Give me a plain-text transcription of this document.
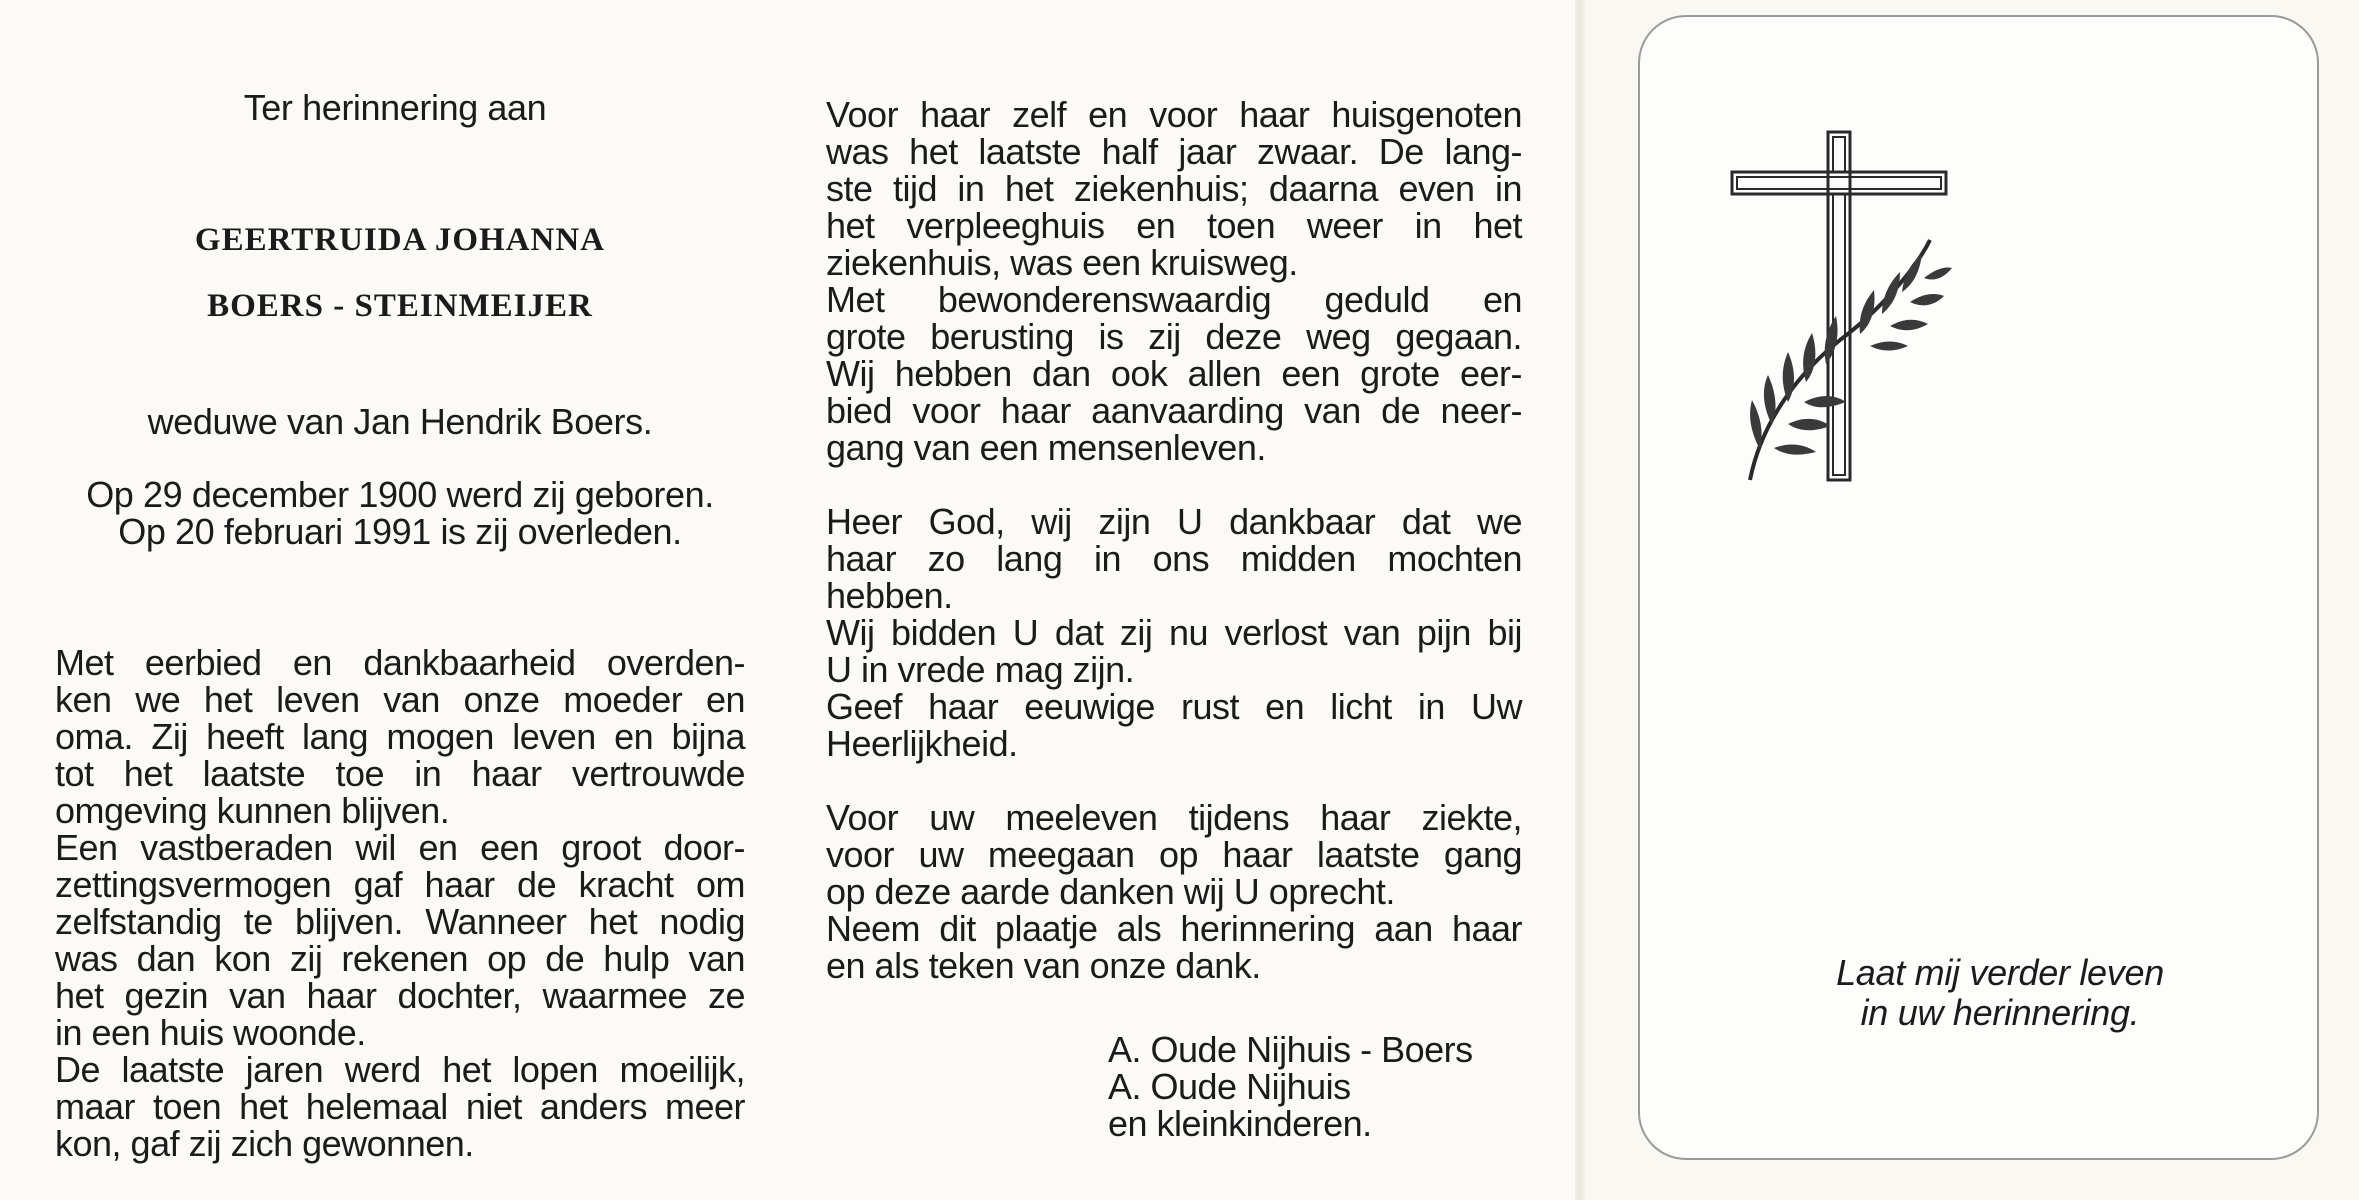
Ter herinnering aan

GEERTRUIDA JOHANNA

BOERS - STEINMEIJER

weduwe van Jan Hendrik Boers.

Op 29 december 1900 werd zij geboren.

Op 20 februari 1991 is zij overleden.

Met eerbied en dankbaarheid overden-
ken we het leven van onze moeder en
oma. Zij heeft lang mogen leven en bijna
tot het laatste toe in haar vertrouwde
omgeving kunnen blijven.

Een vastberaden wil en een groot door-
zettingsvermogen gaf haar de kracht om
zelfstandig te blijven. Wanneer het nodig
was dan kon zij rekenen op de hulp van
het gezin van haar dochter, waarmee ze
in een huis woonde.

De laatste jaren werd het lopen moeilijk,
maar toen het helemaal niet anders meer
kon, gaf zij zich gewonnen.

Voor haar zelf en voor haar huisgenoten
was het laatste half jaar zwaar. De lang-
ste tijd in het ziekenhuis; daarna even in
het verpleeghuis en toen weer in het
ziekenhuis, was een kruisweg.

Met bewonderenswaardig geduld en
grote berusting is zij deze weg gegaan.
Wij hebben dan ook allen een grote eer-
bied voor haar aanvaarding van de neer-
gang van een mensenleven.

Heer God, wij zijn U dankbaar dat we
haar zo lang in ons midden mochten
hebben.

Wij bidden U dat zij nu verlost van pijn bij
U in vrede mag zijn.

Geef haar eeuwige rust en licht in Uw
Heerlijkheid.

Voor uw meeleven tijdens haar ziekte,
voor uw meegaan op haar laatste gang
op deze aarde danken wij U oprecht.

Neem dit plaatje als herinnering aan haar
en als teken van onze dank.

A. Oude Nijhuis - Boers
A. Oude Nijhuis
en kleinkinderen.
Laat mij verder leven
in uw herinnering.
